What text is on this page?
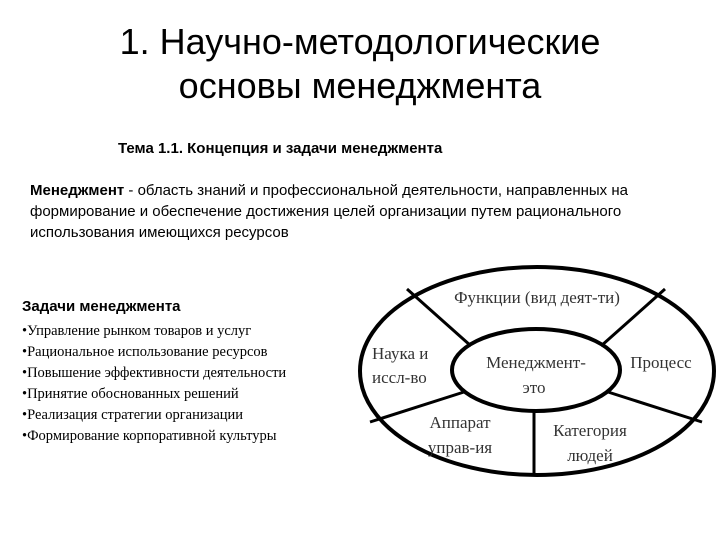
1. Научно-методологические
основы менеджмента
Тема 1.1. Концепция и задачи менеджмента
Менеджмент - область знаний и профессиональной деятельности, направленных на формирование и обеспечение достижения целей организации путем рационального использования имеющихся ресурсов
Задачи менеджмента
•Управление рынком товаров и услуг
•Рациональное использование ресурсов
•Повышение эффективности деятельности
•Принятие обоснованных решений
•Реализация стратегии организации
•Формирование корпоративной культуры
Функции (вид деят-ти)
Наука и
иссл-во
Процесс
Аппарат
управ-ия
Категория
людей
Менеджмент-
это
